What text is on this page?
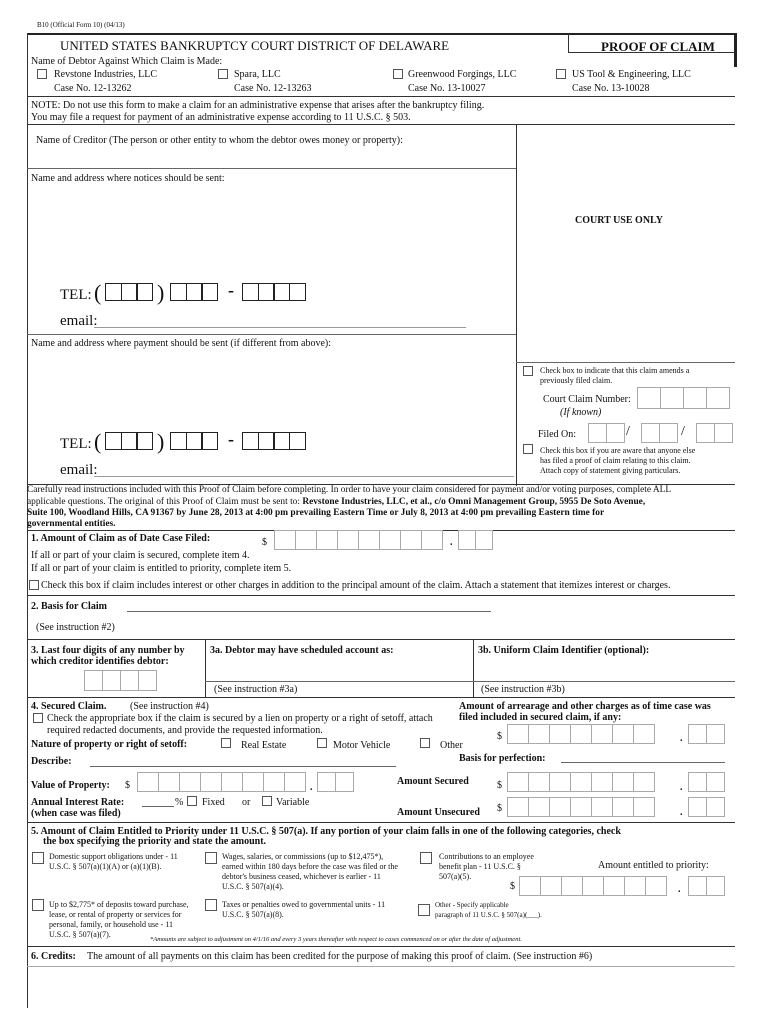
B10 (Official Form 10) (04/13)
UNITED STATES BANKRUPTCY COURT DISTRICT OF DELAWARE	PROOF OF CLAIM
Name of Debtor Against Which Claim is Made:
Revstone Industries, LLC
Case No. 12-13262
Spara, LLC
Case No. 12-13263
Greenwood Forgings, LLC
Case No. 13-10027
US Tool & Engineering, LLC
Case No. 13-10028
NOTE: Do not use this form to make a claim for an administrative expense that arises after the bankruptcy filing.
You may file a request for payment of an administrative expense according to 11 U.S.C. § 503.
Name of Creditor (The person or other entity to whom the debtor owes money or property):
Name and address where notices should be sent:
COURT USE ONLY
TEL: (	)	-
email:
Name and address where payment should be sent (if different from above):
Check box to indicate that this claim amends a
previously filed claim.
Court Claim Number:
(If known)
Filed On:	/	/
Check this box if you are aware that anyone else
has filed a proof of claim relating to this claim.
Attach copy of statement giving particulars.
TEL: (	)	-
email:
Carefully read instructions included with this Proof of Claim before completing. In order to have your claim considered for payment and/or voting purposes, complete ALL
applicable questions. The original of this Proof of Claim must be sent to: Revstone Industries, LLC, et al., c/o Omni Management Group, 5955 De Soto Avenue,
Suite 100, Woodland Hills, CA 91367 by June 28, 2013 at 4:00 pm prevailing Eastern Time or July 8, 2013 at 4:00 pm prevailing Eastern time for
governmental entities.
1. Amount of Claim as of Date Case Filed:	$	.
If all or part of your claim is secured, complete item 4.
If all or part of your claim is entitled to priority, complete item 5.
Check this box if claim includes interest or other charges in addition to the principal amount of the claim. Attach a statement that itemizes interest or charges.
2. Basis for Claim
(See instruction #2)
3. Last four digits of any number by
which creditor identifies debtor:
3a. Debtor may have scheduled account as:
(See instruction #3a)
3b. Uniform Claim Identifier (optional):
(See instruction #3b)
4. Secured Claim. (See instruction #4)
Check the appropriate box if the claim is secured by a lien on property or a right of setoff, attach
required redacted documents, and provide the requested information.
Nature of property or right of setoff:	Real Estate	Motor Vehicle	Other
Describe:
Amount of arrearage and other charges as of time case was
filed included in secured claim, if any:
$	.
Basis for perfection:
Value of Property: $	.
Amount Secured	$	.
Annual Interest Rate:
(when case was filed)
% Fixed or	Variable
Amount Unsecured $	.
5. Amount of Claim Entitled to Priority under 11 U.S.C. § 507(a). If any portion of your claim falls in one of the following categories, check
the box specifying the priority and state the amount.
Domestic support obligations under - 11
U.S.C. § 507(a)(1)(A) or (a)(1)(B).
Wages, salaries, or commissions (up to $12,475*),
earned within 180 days before the case was filed or the
debtor's business ceased, whichever is earlier - 11
U.S.C. § 507(a)(4).
Contributions to an employee
benefit plan - 11 U.S.C. §
507(a)(5).
Amount entitled to priority:
$	.
Up to $2,775* of deposits toward purchase,
lease, or rental of property or services for
personal, family, or household use - 11
U.S.C. § 507(a)(7).
Taxes or penalties owed to governmental units - 11
U.S.C. § 507(a)(8).
Other - Specify applicable
paragraph of 11 U.S.C. § 507(a)(___).
*Amounts are subject to adjustment on 4/1/16 and every 3 years thereafter with respect to cases commenced on or after the date of adjustment.
6. Credits: The amount of all payments on this claim has been credited for the purpose of making this proof of claim. (See instruction #6)
